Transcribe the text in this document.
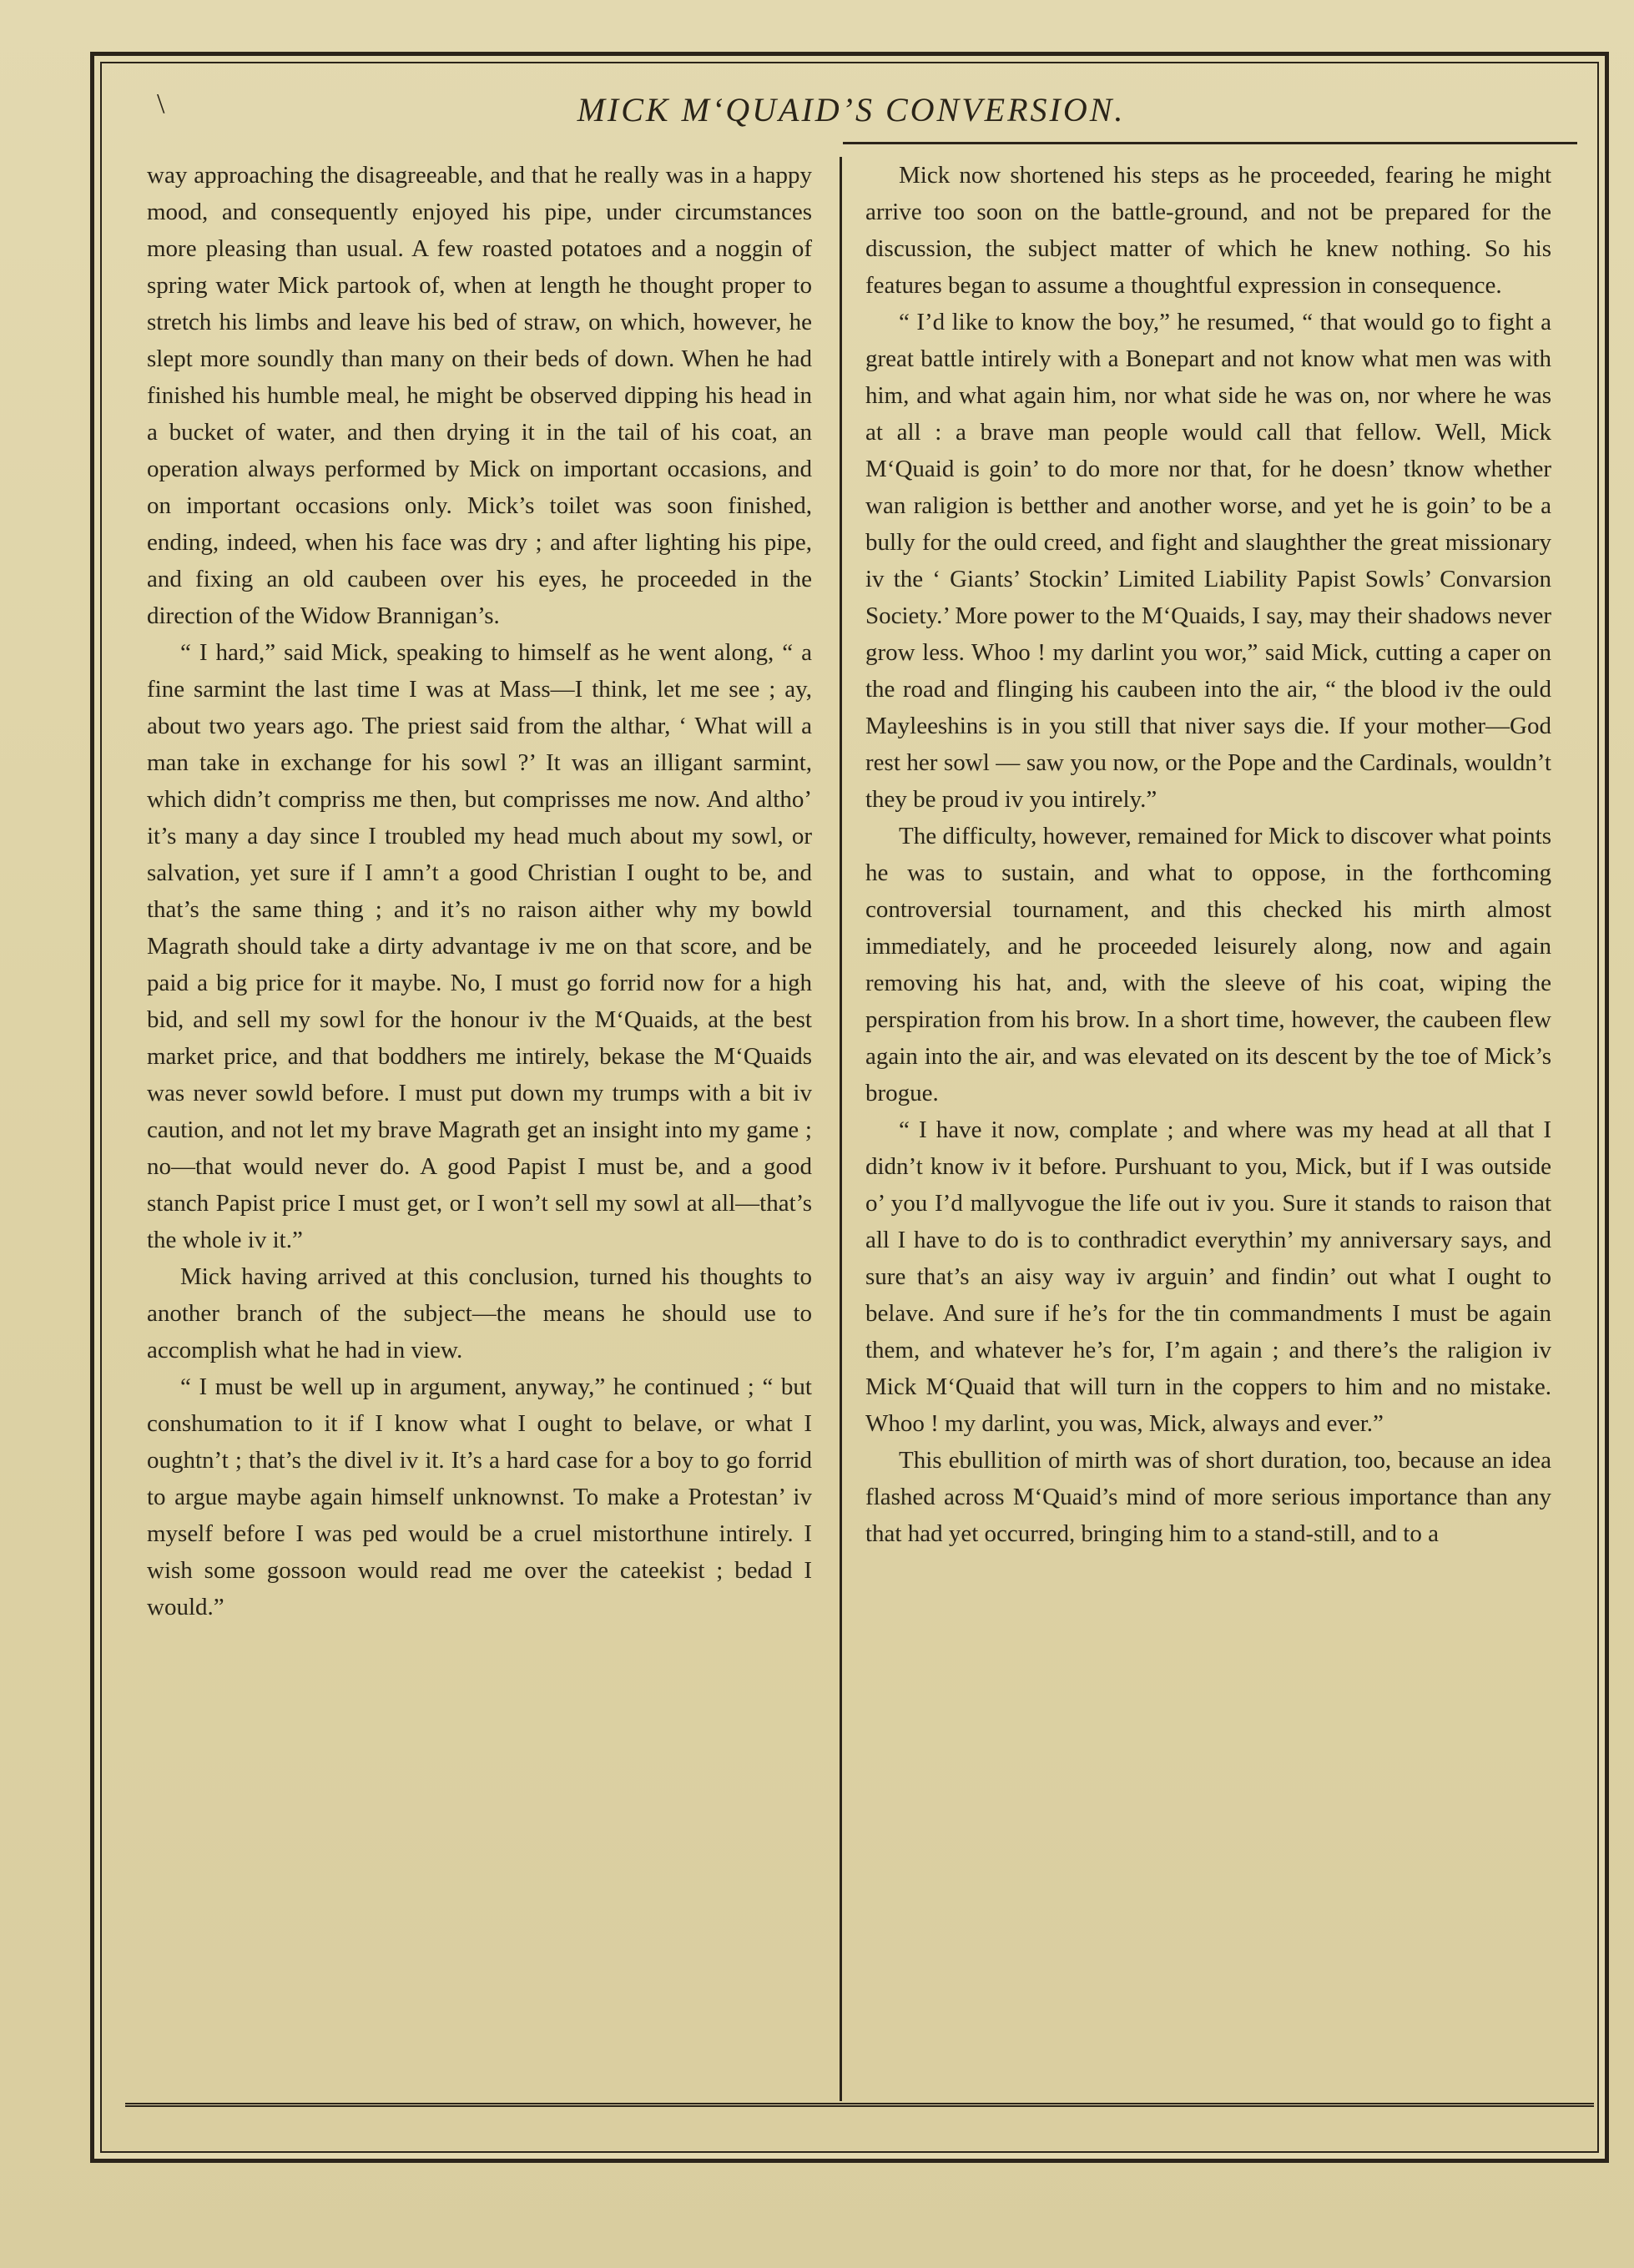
\	MICK M‘QUAID’S CONVERSION.

way approaching the disagreeable, and that he really was in a happy mood, and consequently enjoyed his pipe, under circumstances more pleasing than usual. A few roasted potatoes and a noggin of spring water Mick partook of, when at length he thought proper to stretch his limbs and leave his bed of straw, on which, however, he slept more soundly than many on their beds of down. When he had finished his humble meal, he might be observed dipping his head in a bucket of water, and then drying it in the tail of his coat, an operation always performed by Mick on important occasions, and on important occasions only. Mick’s toilet was soon finished, ending, indeed, when his face was dry ; and after lighting his pipe, and fixing an old caubeen over his eyes, he proceeded in the direction of the Widow Brannigan’s.

“ I hard,” said Mick, speaking to himself as he went along, “ a fine sarmint the last time I was at Mass—I think, let me see ; ay, about two years ago. The priest said from the althar, ‘ What will a man take in exchange for his sowl ?’ It was an illigant sarmint, which didn’t compriss me then, but comprisses me now. And altho’ it’s many a day since I troubled my head much about my sowl, or salvation, yet sure if I amn’t a good Christian I ought to be, and that’s the same thing ; and it’s no raison aither why my bowld Magrath should take a dirty advantage iv me on that score, and be paid a big price for it maybe. No, I must go forrid now for a high bid, and sell my sowl for the honour iv the M‘Quaids, at the best market price, and that boddhers me intirely, bekase the M‘Quaids was never sowld before. I must put down my trumps with a bit iv caution, and not let my brave Magrath get an insight into my game ; no—that would never do. A good Papist I must be, and a good stanch Papist price I must get, or I won’t sell my sowl at all—that’s the whole iv it.”

Mick having arrived at this conclusion, turned his thoughts to another branch of the subject—the means he should use to accomplish what he had in view.

“ I must be well up in argument, anyway,” he continued ; “ but conshumation to it if I know what I ought to belave, or what I oughtn’t ; that’s the divel iv it. It’s a hard case for a boy to go forrid to argue maybe again himself unknownst. To make a Protestan’ iv myself before I was ped would be a cruel mistorthune intirely. I wish some gossoon would read me over the cateekist ; bedad I would.”

Mick now shortened his steps as he proceeded, fearing he might arrive too soon on the battle-ground, and not be prepared for the discussion, the subject matter of which he knew nothing. So his features began to assume a thoughtful expression in consequence.

“ I’d like to know the boy,” he resumed, “ that would go to fight a great battle intirely with a Bonepart and not know what men was with him, and what again him, nor what side he was on, nor where he was at all : a brave man people would call that fellow. Well, Mick M‘Quaid is goin’ to do more nor that, for he doesn’ tknow whether wan raligion is betther and another worse, and yet he is goin’ to be a bully for the ould creed, and fight and slaughther the great missionary iv the ‘ Giants’ Stockin’ Limited Liability Papist Sowls’ Convarsion Society.’ More power to the M‘Quaids, I say, may their shadows never grow less. Whoo ! my darlint you wor,” said Mick, cutting a caper on the road and flinging his caubeen into the air, “ the blood iv the ould Mayleeshins is in you still that niver says die. If your mother—God rest her sowl — saw you now, or the Pope and the Cardinals, wouldn’t they be proud iv you intirely.”

The difficulty, however, remained for Mick to discover what points he was to sustain, and what to oppose, in the forthcoming controversial tournament, and this checked his mirth almost immediately, and he proceeded leisurely along, now and again removing his hat, and, with the sleeve of his coat, wiping the perspiration from his brow. In a short time, however, the caubeen flew again into the air, and was elevated on its descent by the toe of Mick’s brogue.

“ I have it now, complate ; and where was my head at all that I didn’t know iv it before. Purshuant to you, Mick, but if I was outside o’ you I’d mallyvogue the life out iv you. Sure it stands to raison that all I have to do is to conthradict everythin’ my anniversary says, and sure that’s an aisy way iv arguin’ and findin’ out what I ought to belave. And sure if he’s for the tin commandments I must be again them, and whatever he’s for, I’m again ; and there’s the raligion iv Mick M‘Quaid that will turn in the coppers to him and no mistake. Whoo ! my darlint, you was, Mick, always and ever.”

This ebullition of mirth was of short duration, too, because an idea flashed across M‘Quaid’s mind of more serious importance than any that had yet occurred, bringing him to a stand-still, and to a
